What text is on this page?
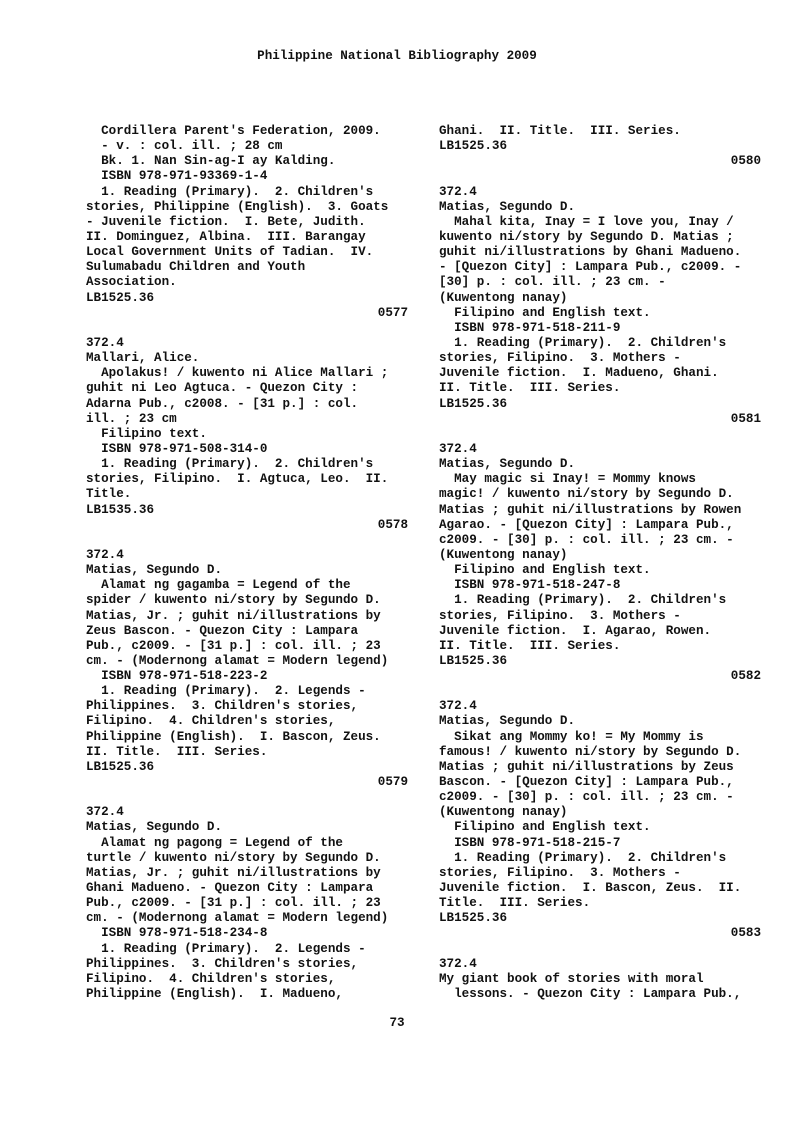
Philippine National Bibliography 2009
Cordillera Parent's Federation, 2009.
- v. : col. ill. ; 28 cm
Bk. 1. Nan Sin-ag-I ay Kalding.
ISBN 978-971-93369-1-4
1. Reading (Primary).  2. Children's
stories, Philippine (English).  3. Goats
- Juvenile fiction.  I. Bete, Judith.
II. Dominguez, Albina.  III. Barangay
Local Government Units of Tadian.  IV.
Sulumabadu Children and Youth
Association.
LB1525.36
0577
372.4
Mallari, Alice.
Apolakus! / kuwento ni Alice Mallari ;
guhit ni Leo Agtuca. - Quezon City :
Adarna Pub., c2008. - [31 p.] : col.
ill. ; 23 cm
Filipino text.
ISBN 978-971-508-314-0
1. Reading (Primary).  2. Children's
stories, Filipino.  I. Agtuca, Leo.  II.
Title.
LB1535.36
0578
372.4
Matias, Segundo D.
Alamat ng gagamba = Legend of the
spider / kuwento ni/story by Segundo D.
Matias, Jr. ; guhit ni/illustrations by
Zeus Bascon. - Quezon City : Lampara
Pub., c2009. - [31 p.] : col. ill. ; 23
cm. - (Modernong alamat = Modern legend)
ISBN 978-971-518-223-2
1. Reading (Primary).  2. Legends -
Philippines.  3. Children's stories,
Filipino.  4. Children's stories,
Philippine (English).  I. Bascon, Zeus.
II. Title.  III. Series.
LB1525.36
0579
372.4
Matias, Segundo D.
Alamat ng pagong = Legend of the
turtle / kuwento ni/story by Segundo D.
Matias, Jr. ; guhit ni/illustrations by
Ghani Madueno. - Quezon City : Lampara
Pub., c2009. - [31 p.] : col. ill. ; 23
cm. - (Modernong alamat = Modern legend)
ISBN 978-971-518-234-8
1. Reading (Primary).  2. Legends -
Philippines.  3. Children's stories,
Filipino.  4. Children's stories,
Philippine (English).  I. Madueno,
Ghani.  II. Title.  III. Series.
LB1525.36
0580
372.4
Matias, Segundo D.
Mahal kita, Inay = I love you, Inay /
kuwento ni/story by Segundo D. Matias ;
guhit ni/illustrations by Ghani Madueno.
- [Quezon City] : Lampara Pub., c2009. -
[30] p. : col. ill. ; 23 cm. -
(Kuwentong nanay)
Filipino and English text.
ISBN 978-971-518-211-9
1. Reading (Primary).  2. Children's
stories, Filipino.  3. Mothers -
Juvenile fiction.  I. Madueno, Ghani.
II. Title.  III. Series.
LB1525.36
0581
372.4
Matias, Segundo D.
May magic si Inay! = Mommy knows
magic! / kuwento ni/story by Segundo D.
Matias ; guhit ni/illustrations by Rowen
Agarao. - [Quezon City] : Lampara Pub.,
c2009. - [30] p. : col. ill. ; 23 cm. -
(Kuwentong nanay)
Filipino and English text.
ISBN 978-971-518-247-8
1. Reading (Primary).  2. Children's
stories, Filipino.  3. Mothers -
Juvenile fiction.  I. Agarao, Rowen.
II. Title.  III. Series.
LB1525.36
0582
372.4
Matias, Segundo D.
Sikat ang Mommy ko! = My Mommy is
famous! / kuwento ni/story by Segundo D.
Matias ; guhit ni/illustrations by Zeus
Bascon. - [Quezon City] : Lampara Pub.,
c2009. - [30] p. : col. ill. ; 23 cm. -
(Kuwentong nanay)
Filipino and English text.
ISBN 978-971-518-215-7
1. Reading (Primary).  2. Children's
stories, Filipino.  3. Mothers -
Juvenile fiction.  I. Bascon, Zeus.  II.
Title.  III. Series.
LB1525.36
0583
372.4
My giant book of stories with moral
lessons. - Quezon City : Lampara Pub.,
73
